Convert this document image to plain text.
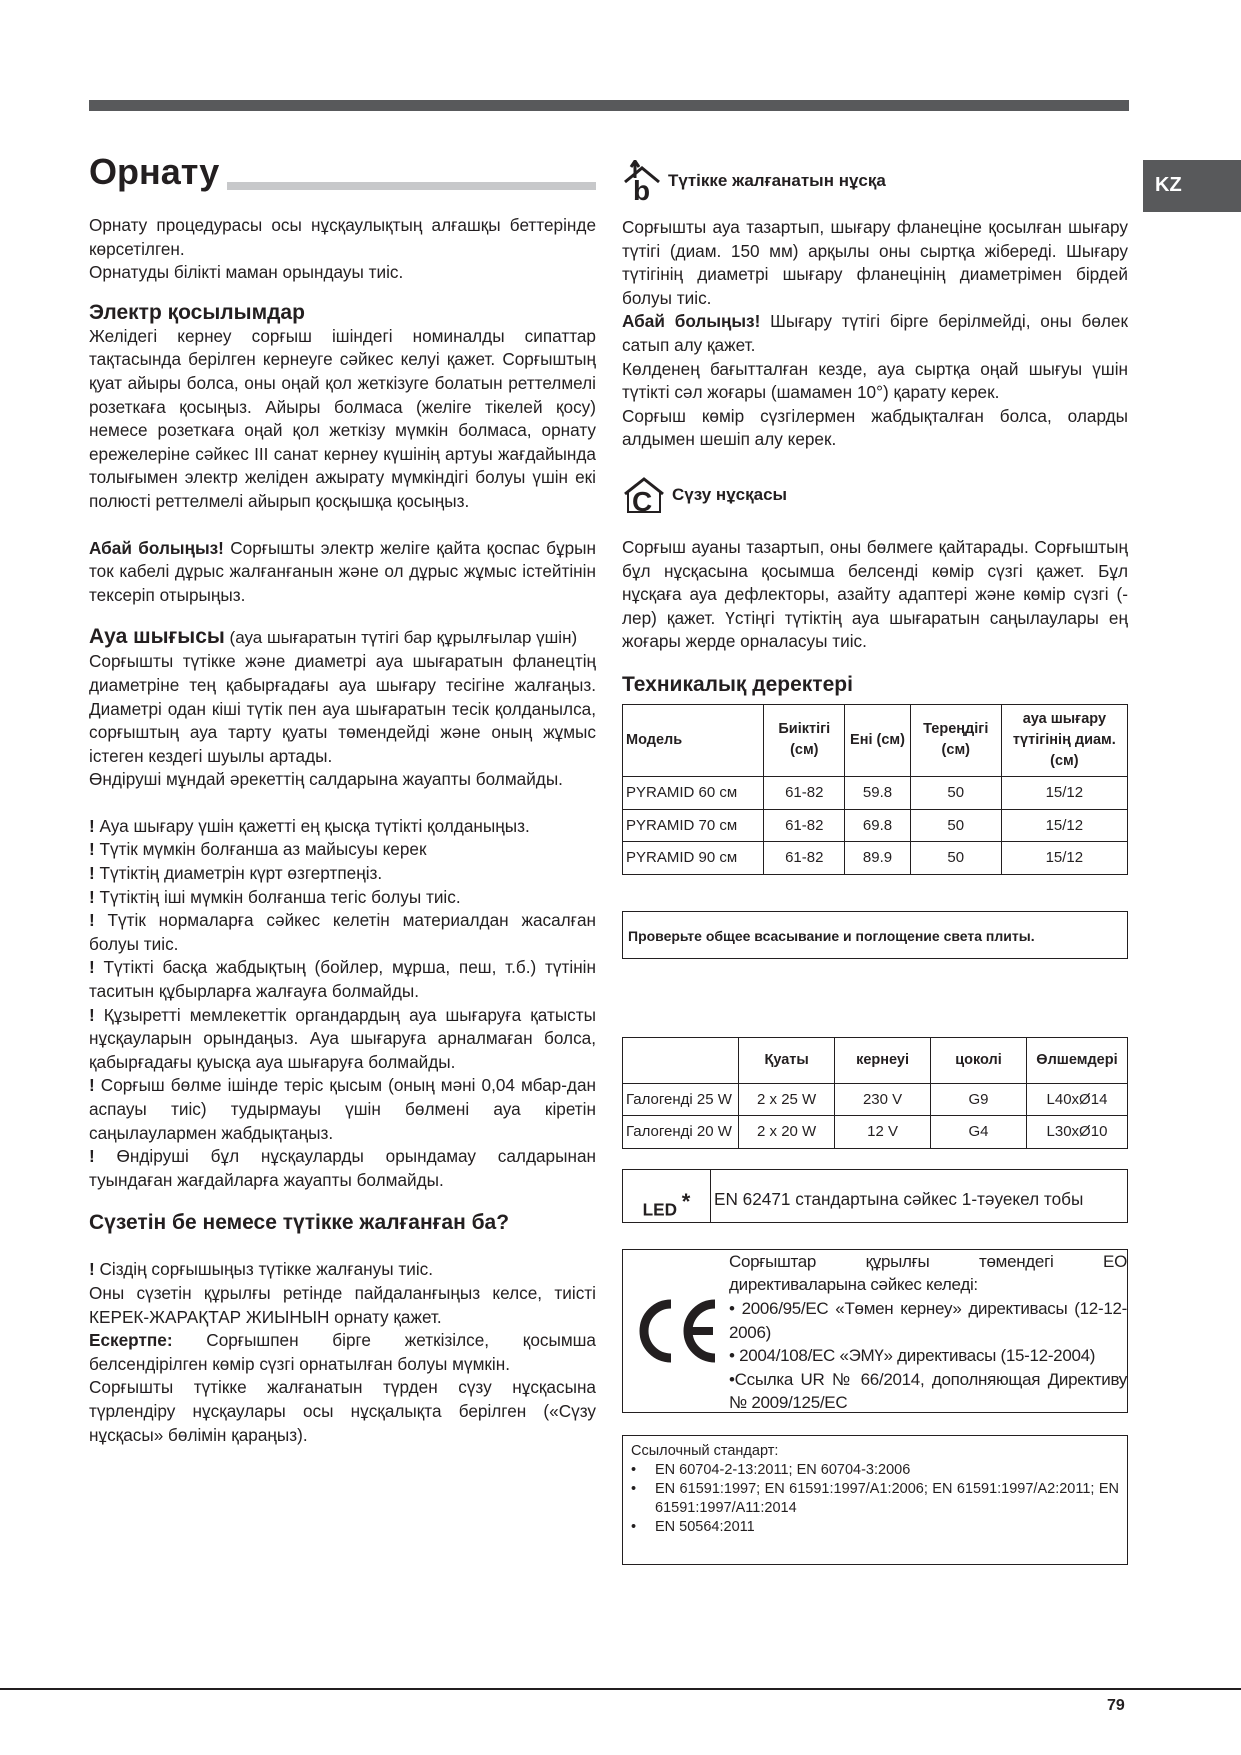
KZ
Орнату

Орнату процедурасы осы нұсқаулықтың алғашқы беттерінде көрсетілген.

Орнатуды білікті маман орындауы тиіс.

Электр қосылымдар

Желідегі кернеу сорғыш ішіндегі номиналды сипаттар тақтасында берілген кернеуге сәйкес келуі қажет. Сорғыштың қуат айыры болса, оны оңай қол жеткізуге болатын реттелмелі розеткаға қосыңыз. Айыры болмаса (желіге тікелей қосу) немесе розеткаға оңай қол жеткізу мүмкін болмаса, орнату ережелеріне сәйкес III санат кернеу күшінің артуы жағдайында толығымен электр желіден ажырату мүмкіндігі болуы үшін екі полюсті реттелмелі айырып қосқышқа қосыңыз.

Абай болыңыз! Сорғышты электр желіге қайта қоспас бұрын ток кабелі дұрыс жалғанғанын және ол дұрыс жұмыс істейтінін тексеріп отырыңыз.

Ауа шығысы (ауа шығаратын түтігі бар құрылғылар үшін)

Сорғышты түтікке және диаметрі ауа шығаратын фланецтің диаметріне тең қабырғадағы ауа шығару тесігіне жалғаңыз. Диаметрі одан кіші түтік пен ауа шығаратын тесік қолданылса, сорғыштың ауа тарту қуаты төмендейді және оның жұмыс істеген кездегі шуылы артады.

Өндіруші мұндай әрекеттің салдарына жауапты болмайды.

! Ауа шығару үшін қажетті ең қысқа түтікті қолданыңыз.

! Түтік мүмкін болғанша аз майысуы керек

! Түтіктің диаметрін күрт өзгертпеңіз.

! Түтіктің іші мүмкін болғанша тегіс болуы тиіс.

! Түтік нормаларға сәйкес келетін материалдан жасалған болуы тиіс.

! Түтікті басқа жабдықтың (бойлер, мұрша, пеш, т.б.) түтінін таситын құбырларға жалғауға болмайды.

! Құзыретті мемлекеттік органдардың ауа шығаруға қатысты нұсқауларын орындаңыз. Ауа шығаруға арналмаған болса, қабырғадағы қуысқа ауа шығаруға болмайды.

! Сорғыш бөлме ішінде теріс қысым (оның мәні 0,04 мбар-дан аспауы тиіс) тудырмауы үшін бөлмені ауа кіретін саңылаулармен жабдықтаңыз.

! Өндіруші бұл нұсқауларды орындамау салдарынан туындаған жағдайларға жауапты болмайды.

Сүзетін бе немесе түтікке жалғанған ба?

! Сіздің сорғышыңыз түтікке жалғануы тиіс.

Оны сүзетін құрылғы ретінде пайдаланғыңыз келсе, тиісті КЕРЕК-ЖАРАҚТАР ЖИЫНЫН орнату қажет.

Ескертпе: Сорғышпен бірге жеткізілсе, қосымша белсендірілген көмір сүзгі орнатылған болуы мүмкін.

Сорғышты түтікке жалғанатын түрден сүзу нұсқасына түрлендіру нұсқаулары осы нұсқалықта берілген («Сүзу нұсқасы» бөлімін қараңыз).

b Түтікке жалғанатын нұсқа

Сорғышты ауа тазартып, шығару фланеціне қосылған шығару түтігі (диам. 150 мм) арқылы оны сыртқа жібереді. Шығару түтігінің диаметрі шығару фланецінің диаметрімен бірдей болуы тиіс.

Абай болыңыз! Шығару түтігі бірге берілмейді, оны бөлек сатып алу қажет.

Көлденең бағытталған кезде, ауа сыртқа оңай шығуы үшін түтікті сәл жоғары (шамамен 10°) қарату керек.

Сорғыш көмір сүзгілермен жабдықталған болса, оларды алдымен шешіп алу керек.

C Сүзу нұсқасы

Сорғыш ауаны тазартып, оны бөлмеге қайтарады. Сорғыштың бұл нұсқасына қосымша белсенді көмір сүзгі қажет. Бұл нұсқаға ауа дефлекторы, азайту адаптері және көмір сүзгі (-лер) қажет. Үстіңгі түтіктің ауа шығаратын саңылаулары ең жоғары жерде орналасуы тиіс.

Техникалық деректері
Модель	Биіктігі (см)	Ені (см)	Тереңдігі (см)	ауа шығару түтігінің диам. (см)
PYRAMID 60 см	61-82	59.8	50	15/12
PYRAMID 70 см	61-82	69.8	50	15/12
PYRAMID 90 см	61-82	89.9	50	15/12
Проверьте общее всасывание и поглощение света плиты.
	Қуаты	кернеуі	цоколі	Өлшемдері
Галогенді 25 W	2 x 25 W	230 V	G9	L40xØ14
Галогенді 20 W	2 x 20 W	12 V	G4	L30xØ10
LED *	EN 62471 стандартына сәйкес 1-тәуекел тобы

Сорғыштар құрылғы төмендегі ЕО директиваларына сәйкес келеді:

• 2006/95/EC «Төмен кернеу» директивасы (12-12-2006)

• 2004/108/EC «ЭМҮ» директивасы (15-12-2004)

•Ссылка UR № 66/2014, дополняющая Директиву № 2009/125/EC

Ссылочный стандарт:
•	EN 60704-2-13:2011; EN 60704-3:2006
•	EN 61591:1997; EN 61591:1997/A1:2006; EN 61591:1997/A2:2011; EN 61591:1997/A11:2014
•	EN 50564:2011
79
